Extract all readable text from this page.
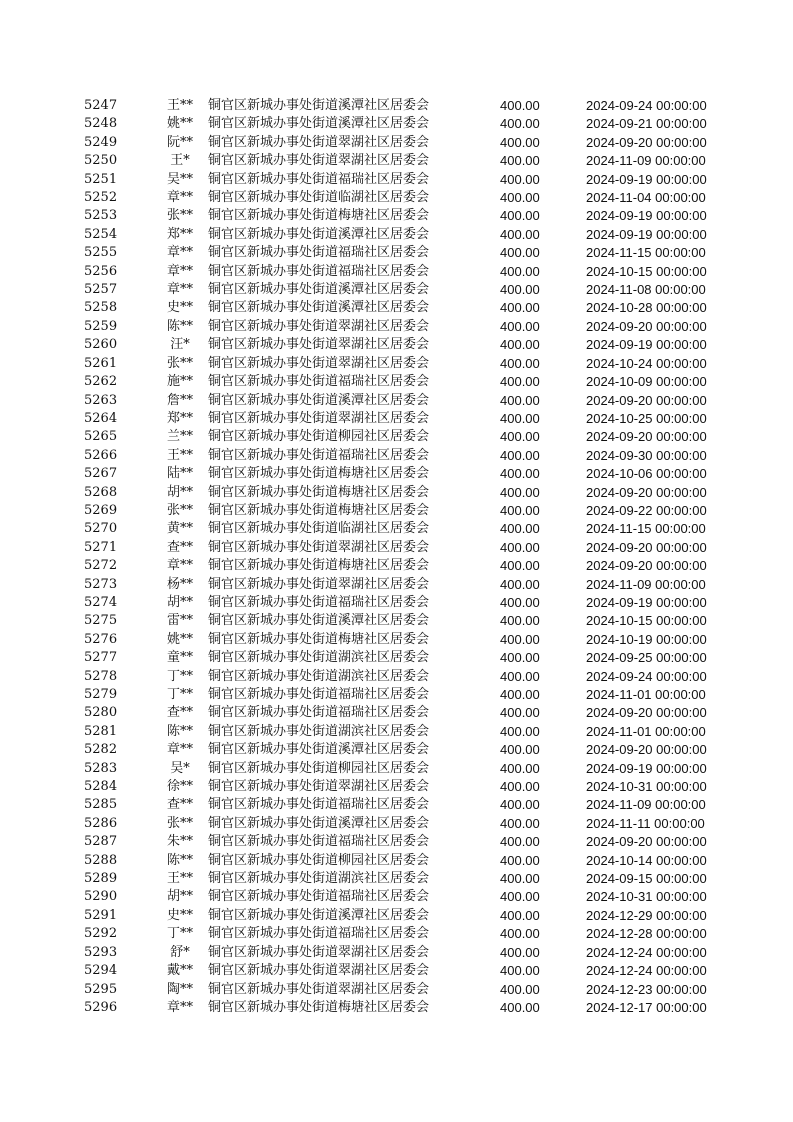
5247	王**	铜官区新城办事处街道溪潭社区居委会	400.00	2024-09-24 00:00:00
5248	姚**	铜官区新城办事处街道溪潭社区居委会	400.00	2024-09-21 00:00:00
5249	阮**	铜官区新城办事处街道翠湖社区居委会	400.00	2024-09-20 00:00:00
5250	王*	铜官区新城办事处街道翠湖社区居委会	400.00	2024-11-09 00:00:00
5251	吴**	铜官区新城办事处街道福瑞社区居委会	400.00	2024-09-19 00:00:00
5252	章**	铜官区新城办事处街道临湖社区居委会	400.00	2024-11-04 00:00:00
5253	张**	铜官区新城办事处街道梅塘社区居委会	400.00	2024-09-19 00:00:00
5254	郑**	铜官区新城办事处街道溪潭社区居委会	400.00	2024-09-19 00:00:00
5255	章**	铜官区新城办事处街道福瑞社区居委会	400.00	2024-11-15 00:00:00
5256	章**	铜官区新城办事处街道福瑞社区居委会	400.00	2024-10-15 00:00:00
5257	章**	铜官区新城办事处街道溪潭社区居委会	400.00	2024-11-08 00:00:00
5258	史**	铜官区新城办事处街道溪潭社区居委会	400.00	2024-10-28 00:00:00
5259	陈**	铜官区新城办事处街道翠湖社区居委会	400.00	2024-09-20 00:00:00
5260	汪*	铜官区新城办事处街道翠湖社区居委会	400.00	2024-09-19 00:00:00
5261	张**	铜官区新城办事处街道翠湖社区居委会	400.00	2024-10-24 00:00:00
5262	施**	铜官区新城办事处街道福瑞社区居委会	400.00	2024-10-09 00:00:00
5263	詹**	铜官区新城办事处街道溪潭社区居委会	400.00	2024-09-20 00:00:00
5264	郑**	铜官区新城办事处街道翠湖社区居委会	400.00	2024-10-25 00:00:00
5265	兰**	铜官区新城办事处街道柳园社区居委会	400.00	2024-09-20 00:00:00
5266	王**	铜官区新城办事处街道福瑞社区居委会	400.00	2024-09-30 00:00:00
5267	陆**	铜官区新城办事处街道梅塘社区居委会	400.00	2024-10-06 00:00:00
5268	胡**	铜官区新城办事处街道梅塘社区居委会	400.00	2024-09-20 00:00:00
5269	张**	铜官区新城办事处街道梅塘社区居委会	400.00	2024-09-22 00:00:00
5270	黄**	铜官区新城办事处街道临湖社区居委会	400.00	2024-11-15 00:00:00
5271	查**	铜官区新城办事处街道翠湖社区居委会	400.00	2024-09-20 00:00:00
5272	章**	铜官区新城办事处街道梅塘社区居委会	400.00	2024-09-20 00:00:00
5273	杨**	铜官区新城办事处街道翠湖社区居委会	400.00	2024-11-09 00:00:00
5274	胡**	铜官区新城办事处街道福瑞社区居委会	400.00	2024-09-19 00:00:00
5275	雷**	铜官区新城办事处街道溪潭社区居委会	400.00	2024-10-15 00:00:00
5276	姚**	铜官区新城办事处街道梅塘社区居委会	400.00	2024-10-19 00:00:00
5277	童**	铜官区新城办事处街道湖滨社区居委会	400.00	2024-09-25 00:00:00
5278	丁**	铜官区新城办事处街道湖滨社区居委会	400.00	2024-09-24 00:00:00
5279	丁**	铜官区新城办事处街道福瑞社区居委会	400.00	2024-11-01 00:00:00
5280	查**	铜官区新城办事处街道福瑞社区居委会	400.00	2024-09-20 00:00:00
5281	陈**	铜官区新城办事处街道湖滨社区居委会	400.00	2024-11-01 00:00:00
5282	章**	铜官区新城办事处街道溪潭社区居委会	400.00	2024-09-20 00:00:00
5283	吴*	铜官区新城办事处街道柳园社区居委会	400.00	2024-09-19 00:00:00
5284	徐**	铜官区新城办事处街道翠湖社区居委会	400.00	2024-10-31 00:00:00
5285	查**	铜官区新城办事处街道福瑞社区居委会	400.00	2024-11-09 00:00:00
5286	张**	铜官区新城办事处街道溪潭社区居委会	400.00	2024-11-11 00:00:00
5287	朱**	铜官区新城办事处街道福瑞社区居委会	400.00	2024-09-20 00:00:00
5288	陈**	铜官区新城办事处街道柳园社区居委会	400.00	2024-10-14 00:00:00
5289	王**	铜官区新城办事处街道湖滨社区居委会	400.00	2024-09-15 00:00:00
5290	胡**	铜官区新城办事处街道福瑞社区居委会	400.00	2024-10-31 00:00:00
5291	史**	铜官区新城办事处街道溪潭社区居委会	400.00	2024-12-29 00:00:00
5292	丁**	铜官区新城办事处街道福瑞社区居委会	400.00	2024-12-28 00:00:00
5293	舒*	铜官区新城办事处街道翠湖社区居委会	400.00	2024-12-24 00:00:00
5294	戴**	铜官区新城办事处街道翠湖社区居委会	400.00	2024-12-24 00:00:00
5295	陶**	铜官区新城办事处街道翠湖社区居委会	400.00	2024-12-23 00:00:00
5296	章**	铜官区新城办事处街道梅塘社区居委会	400.00	2024-12-17 00:00:00
